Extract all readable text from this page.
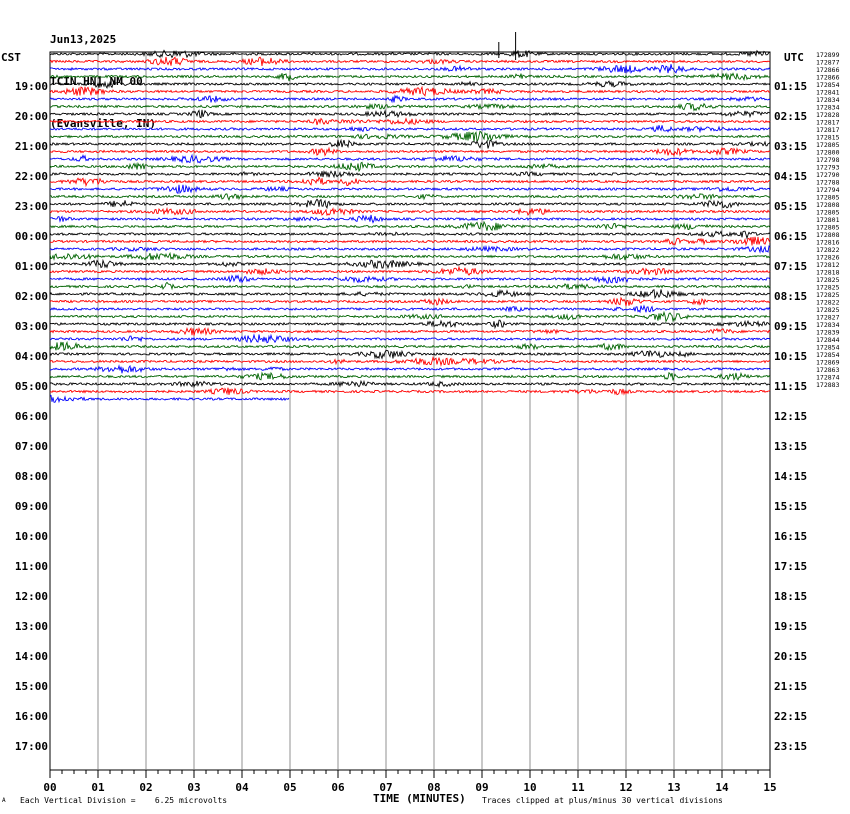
Jun13,2025

TCIN HN1 NM 00

(Evansville, IN)

CST	UTC
19:00
20:00
21:00
22:00
23:00
00:00
01:00
02:00
03:00
04:00
05:00
06:00
07:00
08:00
09:00
10:00
11:00
12:00
13:00
14:00
15:00
16:00
17:00
01:15
02:15
03:15
04:15
05:15
06:15
07:15
08:15
09:15
10:15
11:15
12:15
13:15
14:15
15:15
16:15
17:15
18:15
19:15
20:15
21:15
22:15
23:15
00	01	02	03	04	05	06	07	08	09	10	11	12	13	14	15
172899
172877
172866
172866
172854
172841
172834
172834
172828
172817
172817
172815
172805
172800
172798
172793
172790
172788
172794
172805
172808
172805
172801
172805
172808
172816
172822
172826
172812
172818
172825
172825
172825
172822
172825
172827
172834
172839
172844
172854
172854
172869
172863
172874
172883
A Each Vertical Division =    6.25 microvolts	TIME (MINUTES) Traces clipped at plus/minus 30 vertical divisions
